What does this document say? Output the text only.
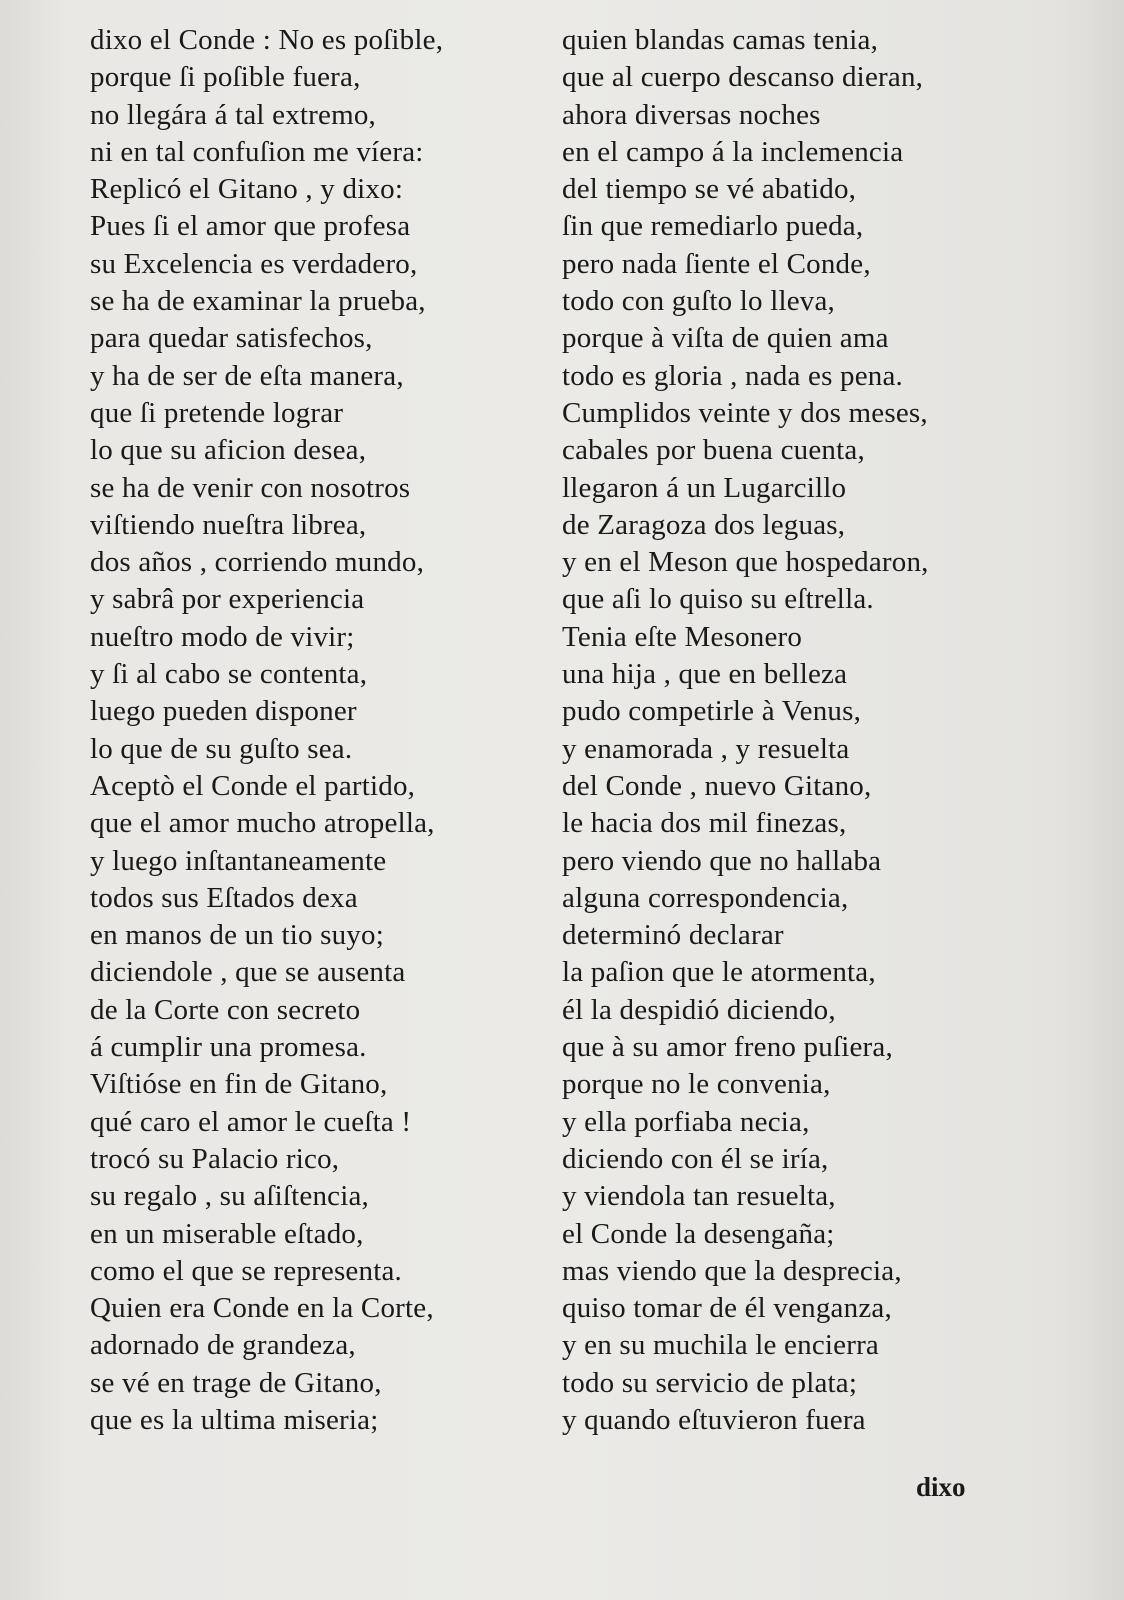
dixo el Conde : No es poſible,
porque ſi poſible fuera,
no llegára á tal extremo,
ni en tal confuſion me víera:
Replicó el Gitano , y dixo:
Pues ſi el amor que profesa
su Excelencia es verdadero,
se ha de examinar la prueba,
para quedar satisfechos,
y ha de ser de eſta manera,
que ſi pretende lograr
lo que su aficion desea,
se ha de venir con nosotros
viſtiendo nueſtra librea,
dos años , corriendo mundo,
y sabrâ por experiencia
nueſtro modo de vivir;
y ſi al cabo se contenta,
luego pueden disponer
lo que de su guſto sea.
Aceptò el Conde el partido,
que el amor mucho atropella,
y luego inſtantaneamente
todos sus Eſtados dexa
en manos de un tio suyo;
diciendole , que se ausenta
de la Corte con secreto
á cumplir una promesa.
Viſtióse en fin de Gitano,
qué caro el amor le cueſta !
trocó su Palacio rico,
su regalo , su aſiſtencia,
en un miserable eſtado,
como el que se representa.
Quien era Conde en la Corte,
adornado de grandeza,
se vé en trage de Gitano,
que es la ultima miseria;
quien blandas camas tenia,
que al cuerpo descanso dieran,
ahora diversas noches
en el campo á la inclemencia
del tiempo se vé abatido,
ſin que remediarlo pueda,
pero nada ſiente el Conde,
todo con guſto lo lleva,
porque à viſta de quien ama
todo es gloria , nada es pena.
Cumplidos veinte y dos meses,
cabales por buena cuenta,
llegaron á un Lugarcillo
de Zaragoza dos leguas,
y en el Meson que hospedaron,
que aſi lo quiso su eſtrella.
Tenia eſte Mesonero
una hija , que en belleza
pudo competirle à Venus,
y enamorada , y resuelta
del Conde , nuevo Gitano,
le hacia dos mil finezas,
pero viendo que no hallaba
alguna correspondencia,
determinó declarar
la paſion que le atormenta,
él la despidió diciendo,
que à su amor freno puſiera,
porque no le convenia,
y ella porfiaba necia,
diciendo con él se iría,
y viendola tan resuelta,
el Conde la desengaña;
mas viendo que la desprecia,
quiso tomar de él venganza,
y en su muchila le encierra
todo su servicio de plata;
y quando eſtuvieron fuera
dixo
